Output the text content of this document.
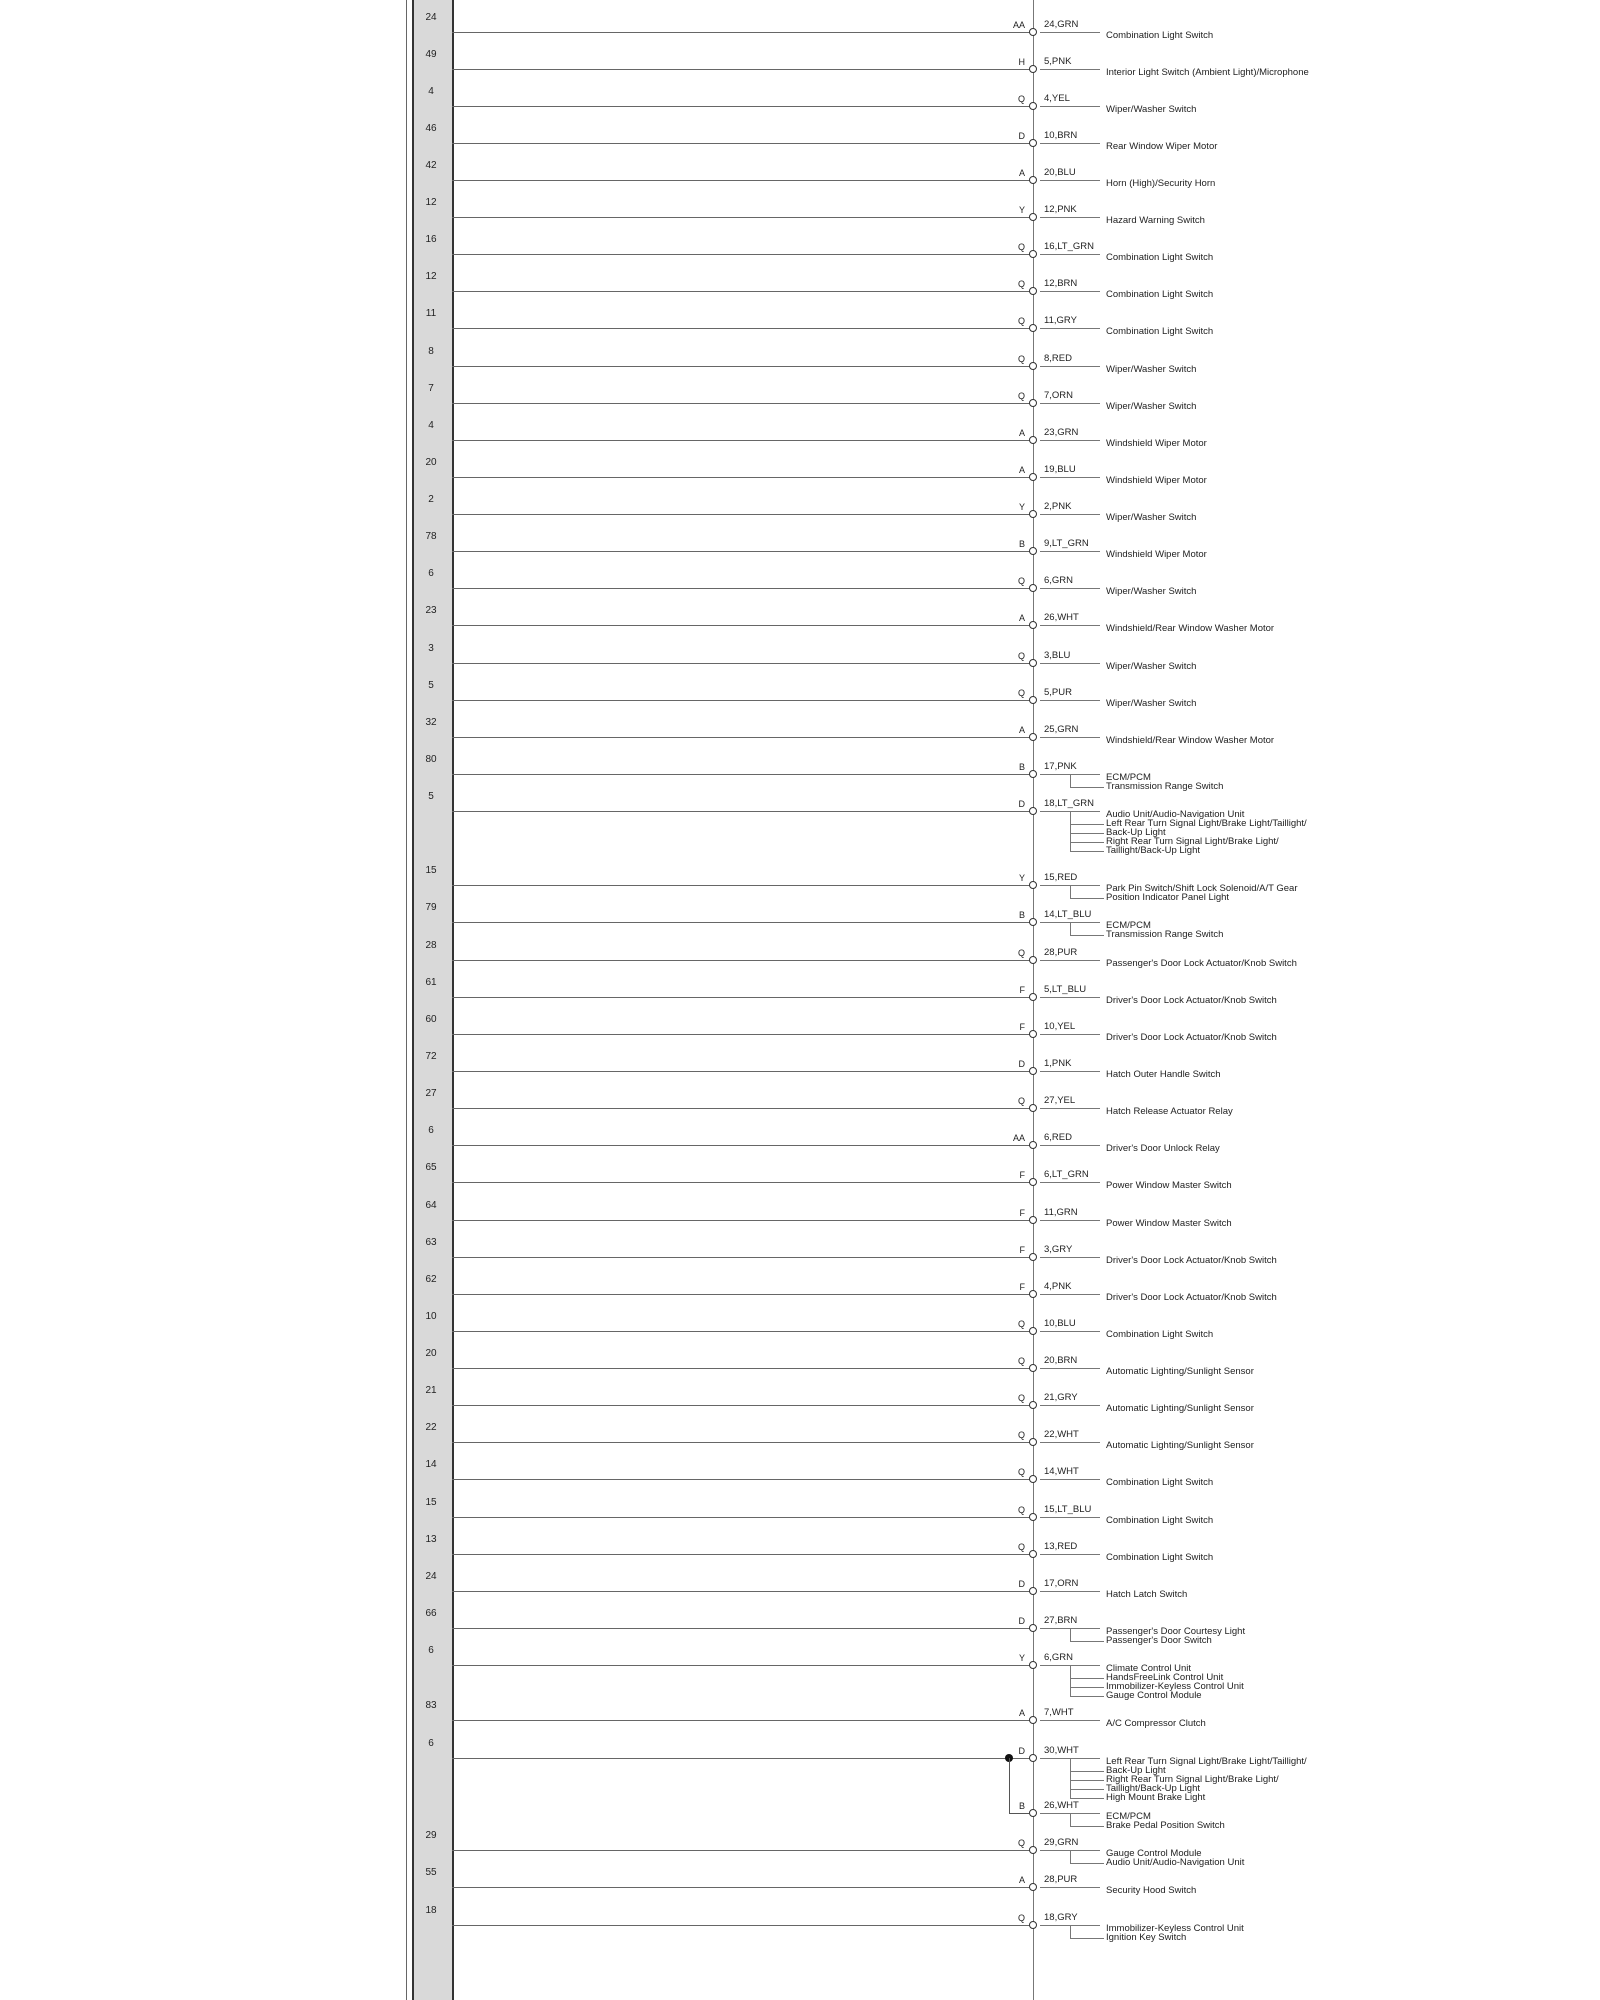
24
AA 24,GRN
Combination Light Switch
49
H 5,PNK
Interior Light Switch (Ambient Light)/Microphone
4
Q 4,YEL
Wiper/Washer Switch
46
D 10,BRN
Rear Window Wiper Motor
42
A 20,BLU
Horn (High)/Security Horn
12
Y 12,PNK
Hazard Warning Switch
16
Q 16,LT_GRN
Combination Light Switch
12
Q 12,BRN
Combination Light Switch
11
Q 11,GRY
Combination Light Switch
8
Q 8,RED
Wiper/Washer Switch
7
Q 7,ORN
Wiper/Washer Switch
4
A 23,GRN
Windshield Wiper Motor
20
A 19,BLU
Windshield Wiper Motor
2
Y 2,PNK
Wiper/Washer Switch
78
B 9,LT_GRN
Windshield Wiper Motor
6
Q 6,GRN
Wiper/Washer Switch
23
A 26,WHT
Windshield/Rear Window Washer Motor
3
Q 3,BLU
Wiper/Washer Switch
5
Q 5,PUR
Wiper/Washer Switch
32
A 25,GRN
Windshield/Rear Window Washer Motor
80
B 17,PNK
ECM/PCM
Transmission Range Switch
5
D 18,LT_GRN
Audio Unit/Audio-Navigation Unit
Left Rear Turn Signal Light/Brake Light/Taillight/
Back-Up Light
Right Rear Turn Signal Light/Brake Light/
Taillight/Back-Up Light
15
Y 15,RED
Park Pin Switch/Shift Lock Solenoid/A/T Gear
Position Indicator Panel Light
79
B 14,LT_BLU
ECM/PCM
Transmission Range Switch
28
Q 28,PUR
Passenger's Door Lock Actuator/Knob Switch
61
F 5,LT_BLU
Driver's Door Lock Actuator/Knob Switch
60
F 10,YEL
Driver's Door Lock Actuator/Knob Switch
72
D 1,PNK
Hatch Outer Handle Switch
27
Q 27,YEL
Hatch Release Actuator Relay
6
AA 6,RED
Driver's Door Unlock Relay
65
F 6,LT_GRN
Power Window Master Switch
64
F 11,GRN
Power Window Master Switch
63
F 3,GRY
Driver's Door Lock Actuator/Knob Switch
62
F 4,PNK
Driver's Door Lock Actuator/Knob Switch
10
Q 10,BLU
Combination Light Switch
20
Q 20,BRN
Automatic Lighting/Sunlight Sensor
21
Q 21,GRY
Automatic Lighting/Sunlight Sensor
22
Q 22,WHT
Automatic Lighting/Sunlight Sensor
14
Q 14,WHT
Combination Light Switch
15
Q 15,LT_BLU
Combination Light Switch
13
Q 13,RED
Combination Light Switch
24
D 17,ORN
Hatch Latch Switch
66
D 27,BRN
Passenger's Door Courtesy Light
Passenger's Door Switch
6
Y 6,GRN
Climate Control Unit
HandsFreeLink Control Unit
Immobilizer-Keyless Control Unit
Gauge Control Module
83
A 7,WHT
A/C Compressor Clutch
6
D 30,WHT
Left Rear Turn Signal Light/Brake Light/Taillight/
Back-Up Light
Right Rear Turn Signal Light/Brake Light/
Taillight/Back-Up Light
High Mount Brake Light
B 26,WHT
ECM/PCM
Brake Pedal Position Switch
29
Q 29,GRN
Gauge Control Module
Audio Unit/Audio-Navigation Unit
55
A 28,PUR
Security Hood Switch
18
Q 18,GRY
Immobilizer-Keyless Control Unit
Ignition Key Switch
